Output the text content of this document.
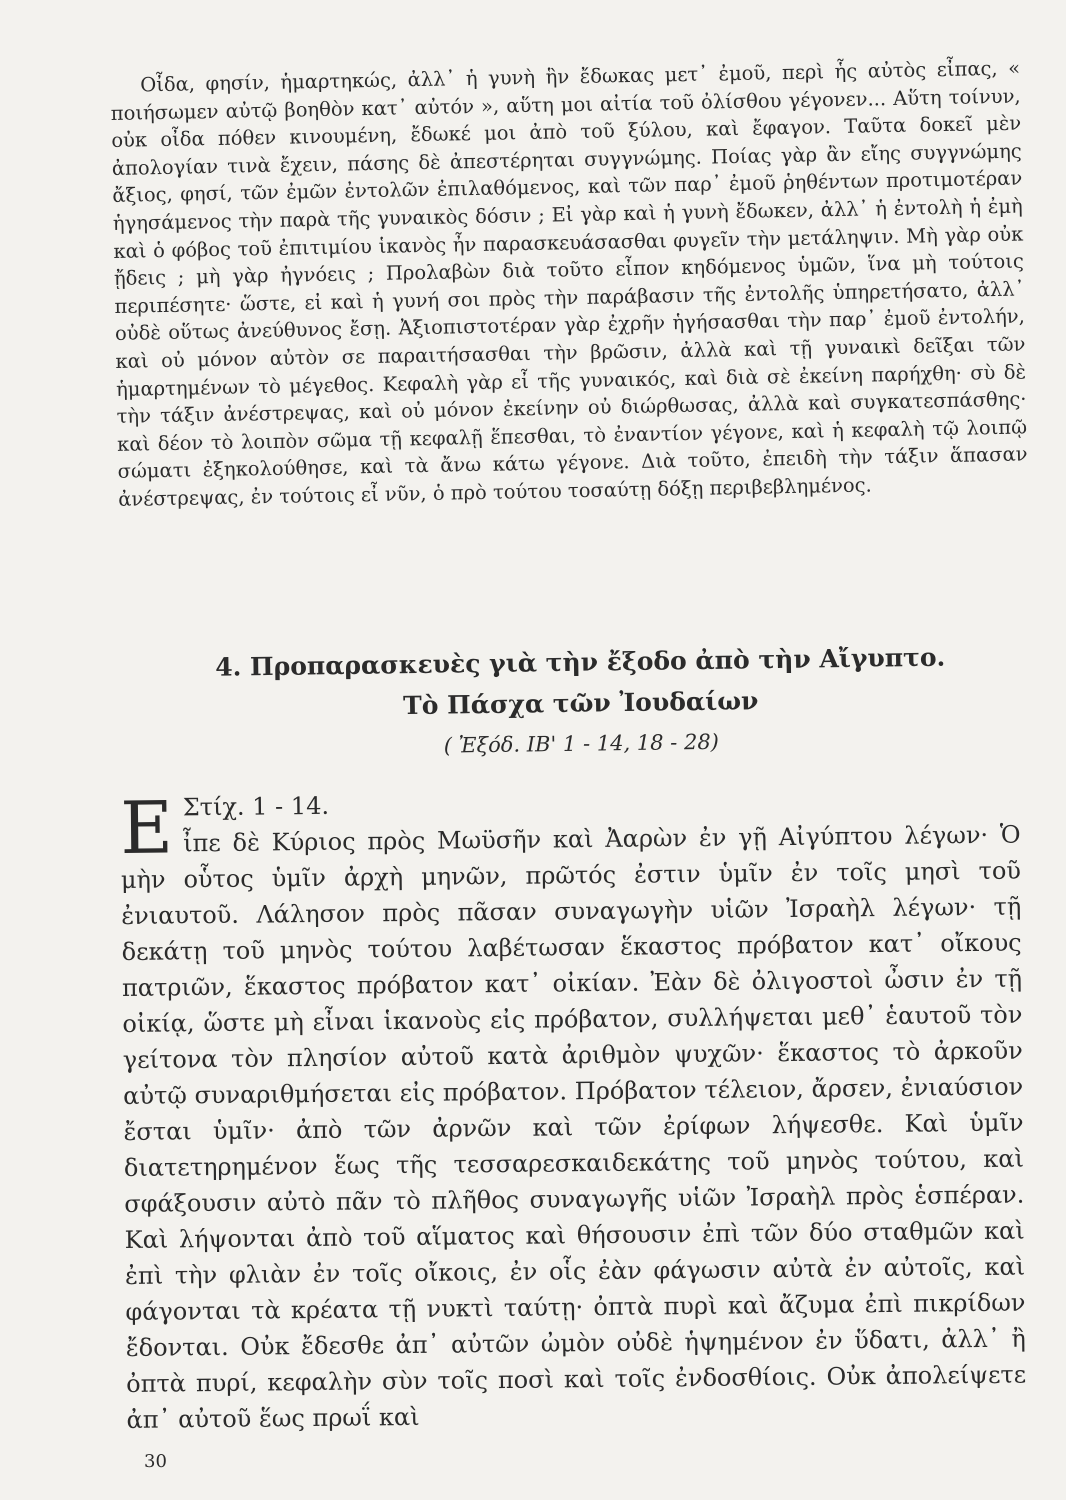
Οἶδα, φησίν, ἡμαρτηκώς, ἀλλ᾽ ἡ γυνὴ ἣν ἔδωκας μετ᾽ ἐμοῦ, περὶ ἧς αὐτὸς εἶπας, « ποιήσωμεν αὐτῷ βοηθὸν κατ᾽ αὐτόν », αὕτη μοι αἰτία τοῦ ὀλίσθου γέγονεν... Αὕτη τοίνυν, οὐκ οἶδα πόθεν κινουμένη, ἔδωκέ μοι ἀπὸ τοῦ ξύλου, καὶ ἔφαγον. Ταῦτα δοκεῖ μὲν ἀπολογίαν τινὰ ἔχειν, πάσης δὲ ἀπεστέρηται συγγνώμης. Ποίας γὰρ ἂν εἴης συγγνώμης ἄξιος, φησί, τῶν ἐμῶν ἐντολῶν ἐπιλαθόμενος, καὶ τῶν παρ᾽ ἐμοῦ ῥηθέντων προτιμοτέραν ἡγησάμενος τὴν παρὰ τῆς γυναικὸς δόσιν ; Εἰ γὰρ καὶ ἡ γυνὴ ἔδωκεν, ἀλλ᾽ ἡ ἐντολὴ ἡ ἐμὴ καὶ ὁ φόβος τοῦ ἐπιτιμίου ἱκανὸς ἦν παρασκευάσασθαι φυγεῖν τὴν μετάληψιν. Μὴ γὰρ οὐκ ᾔδεις ; μὴ γὰρ ἠγνόεις ; Προλαβὼν διὰ τοῦτο εἶπον κηδόμενος ὑμῶν, ἵνα μὴ τούτοις περιπέσητε· ὥστε, εἰ καὶ ἡ γυνή σοι πρὸς τὴν παράβασιν τῆς ἐντολῆς ὑπηρετήσατο, ἀλλ᾽ οὐδὲ οὕτως ἀνεύθυνος ἔσῃ. Ἀξιοπιστοτέραν γὰρ ἐχρῆν ἡγήσασθαι τὴν παρ᾽ ἐμοῦ ἐντολήν, καὶ οὐ μόνον αὐτὸν σε παραιτήσασθαι τὴν βρῶσιν, ἀλλὰ καὶ τῇ γυναικὶ δεῖξαι τῶν ἡμαρτημένων τὸ μέγεθος. Κεφαλὴ γὰρ εἶ τῆς γυναικός, καὶ διὰ σὲ ἐκείνη παρήχθη· σὺ δὲ τὴν τάξιν ἀνέστρεψας, καὶ οὐ μόνον ἐκείνην οὐ διώρθωσας, ἀλλὰ καὶ συγκατεσπάσθης· καὶ δέον τὸ λοιπὸν σῶμα τῇ κεφαλῇ ἕπεσθαι, τὸ ἐναντίον γέγονε, καὶ ἡ κεφαλὴ τῷ λοιπῷ σώματι ἐξηκολούθησε, καὶ τὰ ἄνω κάτω γέγονε. Διὰ τοῦτο, ἐπειδὴ τὴν τάξιν ἅπασαν ἀνέστρεψας, ἐν τούτοις εἶ νῦν, ὁ πρὸ τούτου τοσαύτῃ δόξῃ περιβεβλημένος.

4. Προπαρασκευὲς γιὰ τὴν ἔξοδο ἀπὸ τὴν Αἴγυπτο.
Τὸ Πάσχα τῶν Ἰουδαίων
( Ἐξόδ. ΙΒ' 1 - 14, 18 - 28)
Ε Στίχ. 1 - 14.
ἶπε δὲ Κύριος πρὸς Μωϋσῆν καὶ Ἀαρὼν ἐν γῇ Αἰγύπτου λέγων· Ὁ μὴν οὗτος ὑμῖν ἀρχὴ μηνῶν, πρῶτός ἐστιν ὑμῖν ἐν τοῖς μησὶ τοῦ ἐνιαυτοῦ. Λάλησον πρὸς πᾶσαν συναγωγὴν υἱῶν Ἰσραὴλ λέγων· τῇ δεκάτῃ τοῦ μηνὸς τούτου λαβέτωσαν ἕκαστος πρόβατον κατ᾽ οἴκους πατριῶν, ἕκαστος πρόβατον κατ᾽ οἰκίαν. Ἐὰν δὲ ὀλιγοστοὶ ὦσιν ἐν τῇ οἰκίᾳ, ὥστε μὴ εἶναι ἱκανοὺς εἰς πρόβατον, συλλήψεται μεθ᾽ ἑαυτοῦ τὸν γείτονα τὸν πλησίον αὐτοῦ κατὰ ἀριθμὸν ψυχῶν· ἕκαστος τὸ ἀρκοῦν αὐτῷ συναριθμήσεται εἰς πρόβατον. Πρόβατον τέλειον, ἄρσεν, ἐνιαύσιον ἔσται ὑμῖν· ἀπὸ τῶν ἀρνῶν καὶ τῶν ἐρίφων λήψεσθε. Καὶ ὑμῖν διατετηρημένον ἕως τῆς τεσσαρεσκαιδεκάτης τοῦ μηνὸς τούτου, καὶ σφάξουσιν αὐτὸ πᾶν τὸ πλῆθος συναγωγῆς υἱῶν Ἰσραὴλ πρὸς ἑσπέραν. Καὶ λήψονται ἀπὸ τοῦ αἵματος καὶ θήσουσιν ἐπὶ τῶν δύο σταθμῶν καὶ ἐπὶ τὴν φλιὰν ἐν τοῖς οἴκοις, ἐν οἷς ἐὰν φάγωσιν αὐτὰ ἐν αὐτοῖς, καὶ φάγονται τὰ κρέατα τῇ νυκτὶ ταύτῃ· ὀπτὰ πυρὶ καὶ ἄζυμα ἐπὶ πικρίδων ἔδονται. Οὐκ ἔδεσθε ἀπ᾽ αὐτῶν ὠμὸν οὐδὲ ἡψημένον ἐν ὕδατι, ἀλλ᾽ ἢ ὀπτὰ πυρί, κεφαλὴν σὺν τοῖς ποσὶ καὶ τοῖς ἐνδοσθίοις. Οὐκ ἀπολείψετε ἀπ᾽ αὐτοῦ ἕως πρωΐ καὶ
30
